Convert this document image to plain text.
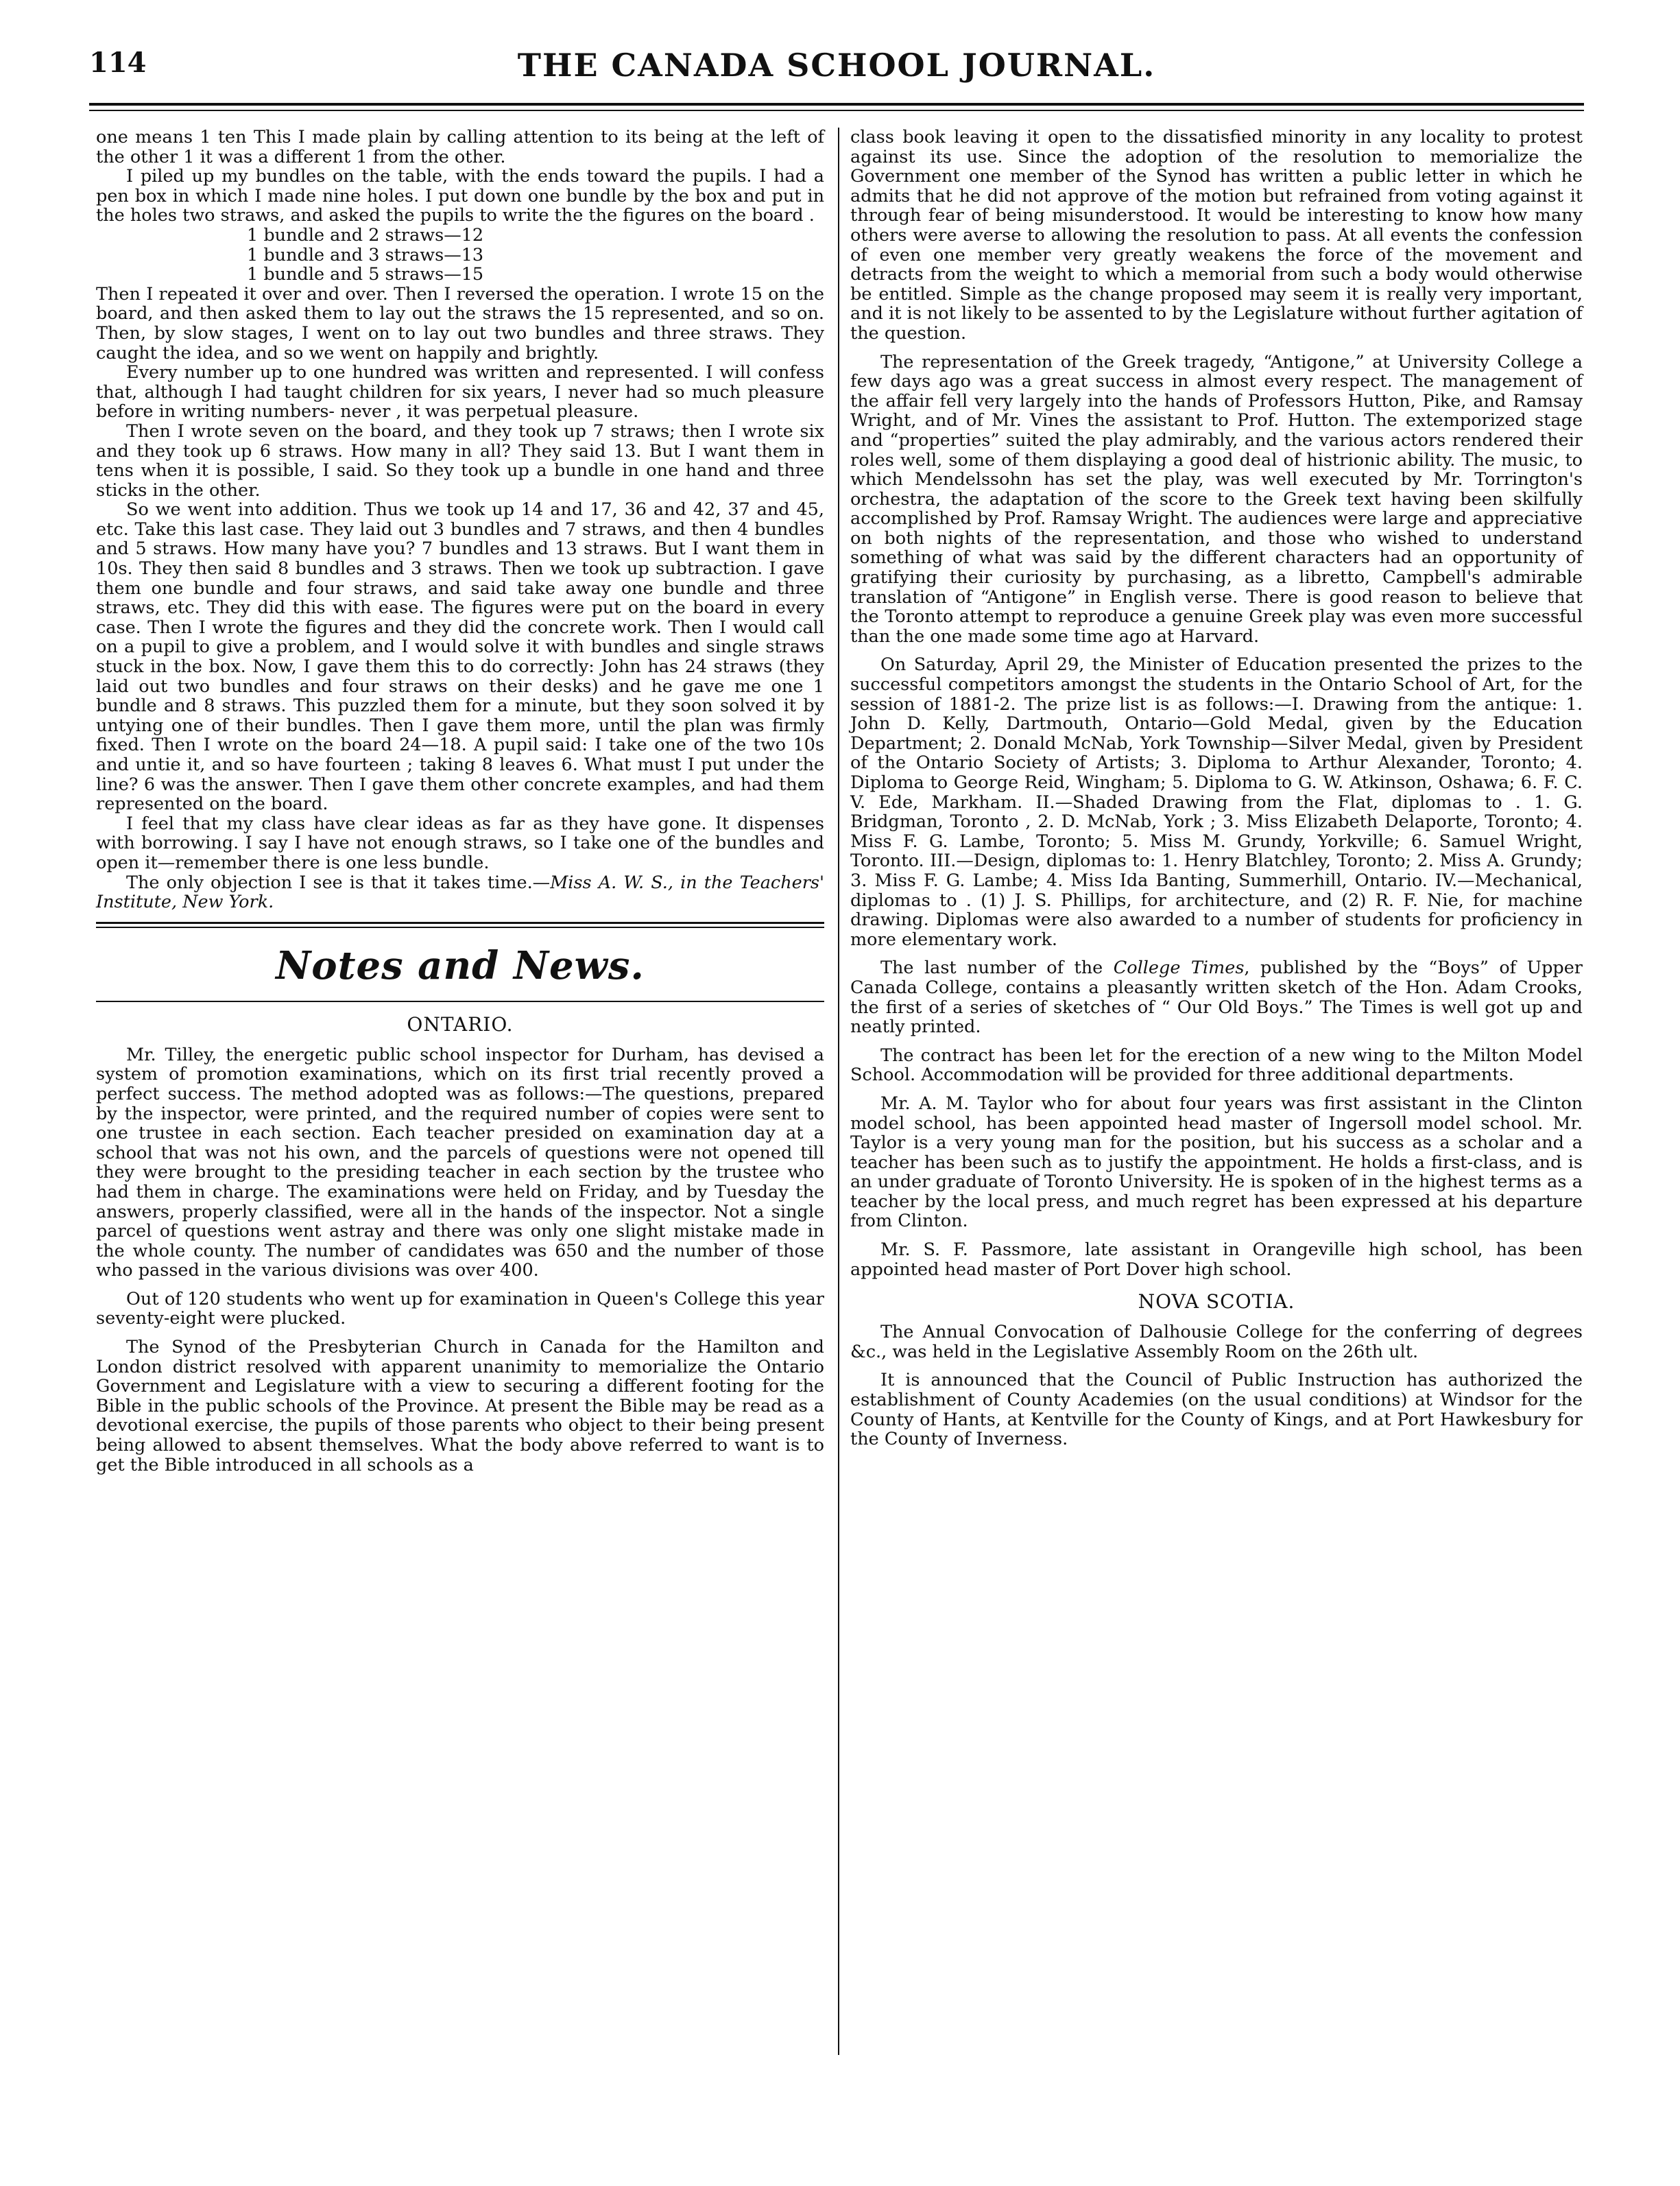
114	THE CANADA SCHOOL JOURNAL.

one means 1 ten This I made plain by calling attention to its being at the left of the other 1 it was a different 1 from the other.

I piled up my bundles on the table, with the ends toward the pupils. I had a pen box in which I made nine holes. I put down one bundle by the box and put in the holes two straws, and asked the pupils to write the the figures on the board .

1 bundle and 2 straws—12
1 bundle and 3 straws—13
1 bundle and 5 straws—15

Then I repeated it over and over. Then I reversed the operation. I wrote 15 on the board, and then asked them to lay out the straws the 15 represented, and so on. Then, by slow stages, I went on to lay out two bundles and three straws. They caught the idea, and so we went on happily and brightly.

Every number up to one hundred was written and represented. I will confess that, although I had taught children for six years, I never had so much pleasure before in writing numbers- never , it was perpetual pleasure.

Then I wrote seven on the board, and they took up 7 straws; then I wrote six and they took up 6 straws. How many in all? They said 13. But I want them in tens when it is possible, I said. So they took up a bundle in one hand and three sticks in the other.

So we went into addition. Thus we took up 14 and 17, 36 and 42, 37 and 45, etc. Take this last case. They laid out 3 bundles and 7 straws, and then 4 bundles and 5 straws. How many have you? 7 bundles and 13 straws. But I want them in 10s. They then said 8 bundles and 3 straws. Then we took up subtraction. I gave them one bundle and four straws, and said take away one bundle and three straws, etc. They did this with ease. The figures were put on the board in every case. Then I wrote the figures and they did the concrete work. Then I would call on a pupil to give a problem, and I would solve it with bundles and single straws stuck in the box. Now, I gave them this to do correctly: John has 24 straws (they laid out two bundles and four straws on their desks) and he gave me one 1 bundle and 8 straws. This puzzled them for a minute, but they soon solved it by untying one of their bundles. Then I gave them more, until the plan was firmly fixed. Then I wrote on the board 24—18. A pupil said: I take one of the two 10s and untie it, and so have fourteen ; taking 8 leaves 6. What must I put under the line? 6 was the answer. Then I gave them other concrete examples, and had them represented on the board.

I feel that my class have clear ideas as far as they have gone. It dispenses with borrowing. I say I have not enough straws, so I take one of the bundles and open it—remember there is one less bundle.

The only objection I see is that it takes time.—Miss A. W. S., in the Teachers' Institute, New York.

Notes and News.
ONTARIO.

Mr. Tilley, the energetic public school inspector for Durham, has devised a system of promotion examinations, which on its first trial recently proved a perfect success. The method adopted was as follows:—The questions, prepared by the inspector, were printed, and the required number of copies were sent to one trustee in each section. Each teacher presided on examination day at a school that was not his own, and the parcels of questions were not opened till they were brought to the presiding teacher in each section by the trustee who had them in charge. The examinations were held on Friday, and by Tuesday the answers, properly classified, were all in the hands of the inspector. Not a single parcel of questions went astray and there was only one slight mistake made in the whole county. The number of candidates was 650 and the number of those who passed in the various divisions was over 400.

Out of 120 students who went up for examination in Queen's College this year seventy-eight were plucked.

The Synod of the Presbyterian Church in Canada for the Hamilton and London district resolved with apparent unanimity to memorialize the Ontario Government and Legislature with a view to securing a different footing for the Bible in the public schools of the Province. At present the Bible may be read as a devotional exercise, the pupils of those parents who object to their being present being allowed to absent themselves. What the body above referred to want is to get the Bible introduced in all schools as a

class book leaving it open to the dissatisfied minority in any locality to protest against its use. Since the adoption of the resolution to memorialize the Government one member of the Synod has written a public letter in which he admits that he did not approve of the motion but refrained from voting against it through fear of being misunderstood. It would be interesting to know how many others were averse to allowing the resolution to pass. At all events the confession of even one member very greatly weakens the force of the movement and detracts from the weight to which a memorial from such a body would otherwise be entitled. Simple as the change proposed may seem it is really very important, and it is not likely to be assented to by the Legislature without further agitation of the question.

The representation of the Greek tragedy, “Antigone,” at University College a few days ago was a great success in almost every respect. The management of the affair fell very largely into the hands of Professors Hutton, Pike, and Ramsay Wright, and of Mr. Vines the assistant to Prof. Hutton. The extemporized stage and “properties” suited the play admirably, and the various actors rendered their roles well, some of them displaying a good deal of histrionic ability. The music, to which Mendelssohn has set the play, was well executed by Mr. Torrington's orchestra, the adaptation of the score to the Greek text having been skilfully accomplished by Prof. Ramsay Wright. The audiences were large and appreciative on both nights of the representation, and those who wished to understand something of what was said by the different characters had an opportunity of gratifying their curiosity by purchasing, as a libretto, Campbell's admirable translation of “Antigone” in English verse. There is good reason to believe that the Toronto attempt to reproduce a genuine Greek play was even more successful than the one made some time ago at Harvard.

On Saturday, April 29, the Minister of Education presented the prizes to the successful competitors amongst the students in the Ontario School of Art, for the session of 1881-2. The prize list is as follows:—I. Drawing from the antique: 1. John D. Kelly, Dartmouth, Ontario—Gold Medal, given by the Education Department; 2. Donald McNab, York Township—Silver Medal, given by President of the Ontario Society of Artists; 3. Diploma to Arthur Alexander, Toronto; 4. Diploma to George Reid, Wingham; 5. Diploma to G. W. Atkinson, Oshawa; 6. F. C. V. Ede, Markham. II.—Shaded Drawing from the Flat, diplomas to . 1. G. Bridgman, Toronto , 2. D. McNab, York ; 3. Miss Elizabeth Delaporte, Toronto; 4. Miss F. G. Lambe, Toronto; 5. Miss M. Grundy, Yorkville; 6. Samuel Wright, Toronto. III.—Design, diplomas to: 1. Henry Blatchley, Toronto; 2. Miss A. Grundy; 3. Miss F. G. Lambe; 4. Miss Ida Banting, Summerhill, Ontario. IV.—Mechanical, diplomas to . (1) J. S. Phillips, for architecture, and (2) R. F. Nie, for machine drawing. Diplomas were also awarded to a number of students for proficiency in more elementary work.

The last number of the College Times, published by the “Boys” of Upper Canada College, contains a pleasantly written sketch of the Hon. Adam Crooks, the first of a series of sketches of “ Our Old Boys.” The Times is well got up and neatly printed.

The contract has been let for the erection of a new wing to the Milton Model School. Accommodation will be provided for three additional departments.

Mr. A. M. Taylor who for about four years was first assistant in the Clinton model school, has been appointed head master of Ingersoll model school. Mr. Taylor is a very young man for the position, but his success as a scholar and a teacher has been such as to justify the appointment. He holds a first-class, and is an under graduate of Toronto University. He is spoken of in the highest terms as a teacher by the local press, and much regret has been expressed at his departure from Clinton.

Mr. S. F. Passmore, late assistant in Orangeville high school, has been appointed head master of Port Dover high school.

NOVA SCOTIA.

The Annual Convocation of Dalhousie College for the conferring of degrees &c., was held in the Legislative Assembly Room on the 26th ult.

It is announced that the Council of Public Instruction has authorized the establishment of County Academies (on the usual conditions) at Windsor for the County of Hants, at Kentville for the County of Kings, and at Port Hawkesbury for the County of Inverness.
